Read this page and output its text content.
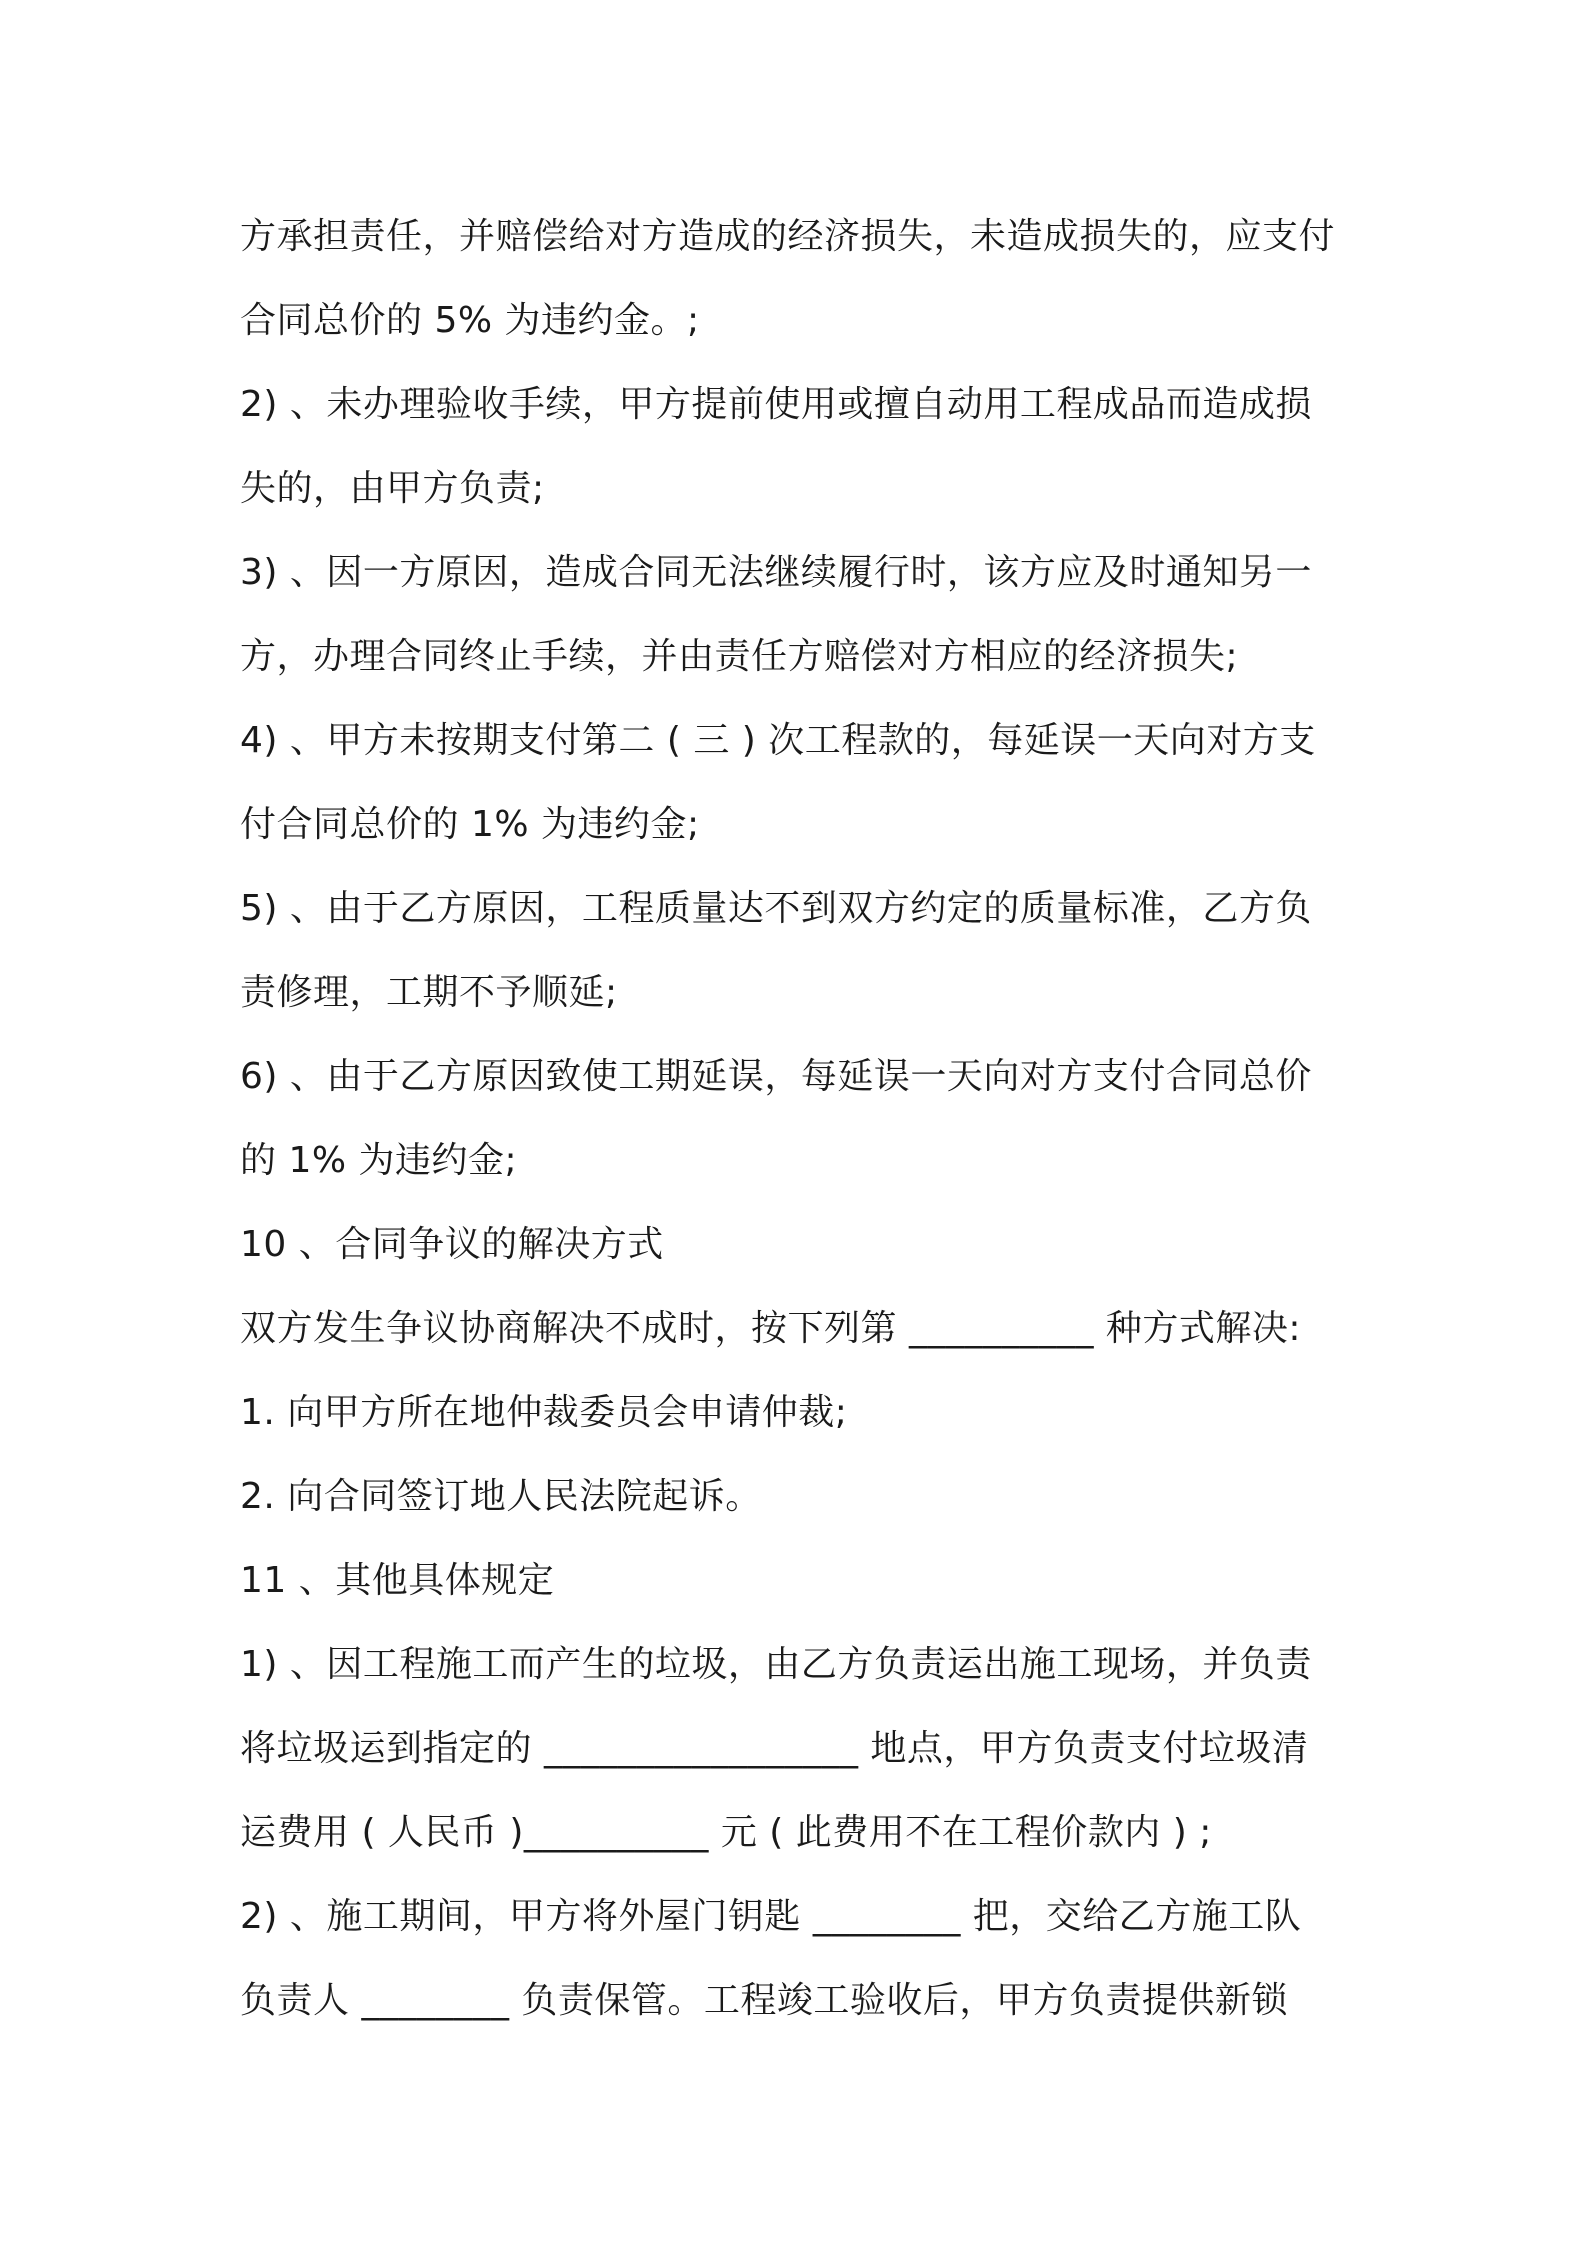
方承担责任，并赔偿给对方造成的经济损失，未造成损失的，应支付
合同总价的 5% 为违约金。;
2) 、未办理验收手续，甲方提前使用或擅自动用工程成品而造成损
失的，由甲方负责;
3) 、因一方原因，造成合同无法继续履行时，该方应及时通知另一
方，办理合同终止手续，并由责任方赔偿对方相应的经济损失;
4) 、甲方未按期支付第二 ( 三 ) 次工程款的，每延误一天向对方支
付合同总价的 1% 为违约金;
5) 、由于乙方原因，工程质量达不到双方约定的质量标准，乙方负
责修理，工期不予顺延;
6) 、由于乙方原因致使工期延误，每延误一天向对方支付合同总价
的 1% 为违约金;
10 、合同争议的解决方式
双方发生争议协商解决不成时，按下列第 __________ 种方式解决:
1. 向甲方所在地仲裁委员会申请仲裁;
2. 向合同签订地人民法院起诉。
11 、其他具体规定
1) 、因工程施工而产生的垃圾，由乙方负责运出施工现场，并负责
将垃圾运到指定的 _________________ 地点，甲方负责支付垃圾清
运费用 ( 人民币 )__________ 元 ( 此费用不在工程价款内 ) ;
2) 、施工期间，甲方将外屋门钥匙 ________ 把，交给乙方施工队
负责人 ________ 负责保管。工程竣工验收后，甲方负责提供新锁
